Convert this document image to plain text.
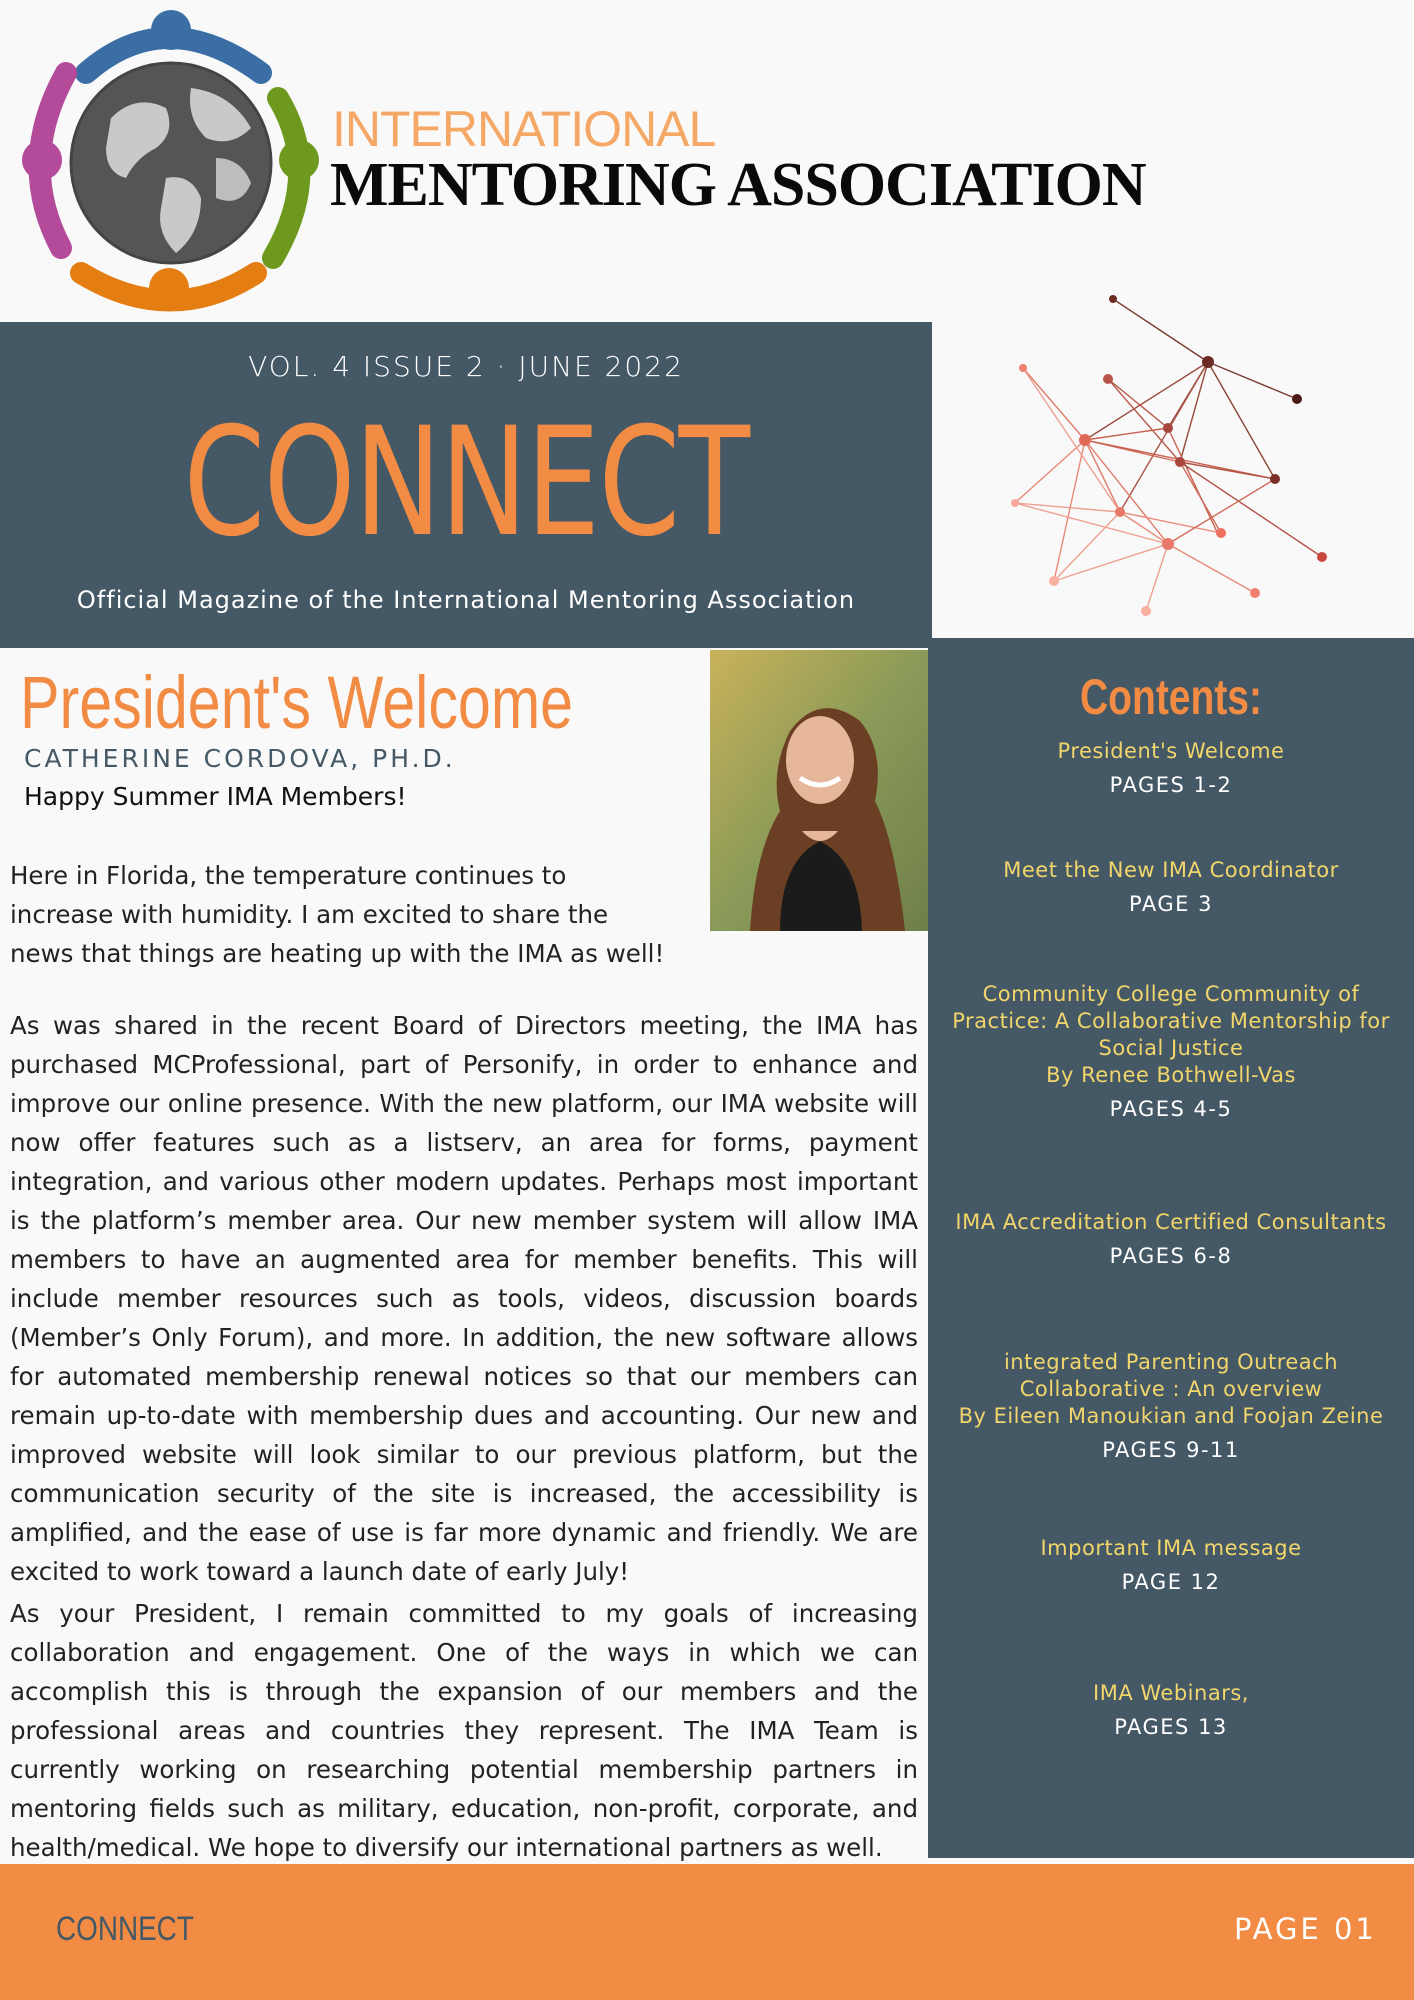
INTERNATIONAL
MENTORING ASSOCIATION
VOL. 4 ISSUE 2 · JUNE 2022
CONNECT
Official Magazine of the International Mentoring Association
Contents:
President's Welcome
PAGES 1-2
Meet the New IMA Coordinator
PAGE 3
Community College Community of
Practice: A Collaborative Mentorship for
Social Justice
By Renee Bothwell-Vas
PAGES 4-5
IMA Accreditation Certified Consultants
PAGES 6-8
integrated Parenting Outreach
Collaborative : An overview
By Eileen Manoukian and Foojan Zeine
PAGES 9-11
Important IMA message
PAGE 12
IMA Webinars,
PAGES 13
President's Welcome
CATHERINE CORDOVA, PH.D.
Happy Summer IMA Members!
Here in Florida, the temperature continues to increase with humidity. I am excited to share the news that things are heating up with the IMA as well!
As was shared in the recent Board of Directors meeting, the IMA has purchased MCProfessional, part of Personify, in order to enhance and improve our online presence. With the new platform, our IMA website will now offer features such as a listserv, an area for forms, payment integration, and various other modern updates. Perhaps most important is the platform’s member area. Our new member system will allow IMA members to have an augmented area for member benefits. This will include member resources such as tools, videos, discussion boards (Member’s Only Forum), and more. In addition, the new software allows for automated membership renewal notices so that our members can remain up-to-date with membership dues and accounting. Our new and improved website will look similar to our previous platform, but the communication security of the site is increased, the accessibility is amplified, and the ease of use is far more dynamic and friendly. We are excited to work toward a launch date of early July!
As your President, I remain committed to my goals of increasing collaboration and engagement. One of the ways in which we can accomplish this is through the expansion of our members and the professional areas and countries they represent. The IMA Team is currently working on researching potential membership partners in mentoring fields such as military, education, non-profit, corporate, and health/medical. We hope to diversify our international partners as well.
CONNECT	PAGE 01
